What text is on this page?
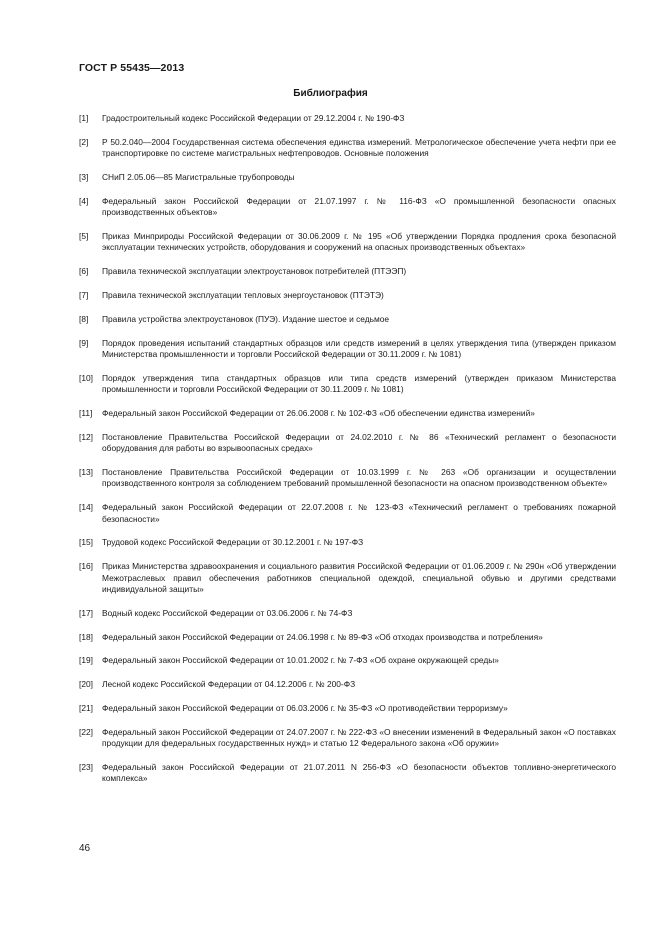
ГОСТ Р 55435—2013
Библиография
[1] Градостроительный кодекс Российской Федерации от 29.12.2004 г. № 190-ФЗ
[2] Р 50.2.040—2004 Государственная система обеспечения единства измерений. Метрологическое обеспечение учета нефти при ее транспортировке по системе магистральных нефтепроводов. Основные положения
[3] СНиП 2.05.06—85 Магистральные трубопроводы
[4] Федеральный закон Российской Федерации от 21.07.1997 г. № 116-ФЗ «О промышленной безопасности опасных производственных объектов»
[5] Приказ Минприроды Российской Федерации от 30.06.2009 г. № 195 «Об утверждении Порядка продления срока безопасной эксплуатации технических устройств, оборудования и сооружений на опасных производственных объектах»
[6] Правила технической эксплуатации электроустановок потребителей (ПТЭЭП)
[7] Правила технической эксплуатации тепловых энергоустановок (ПТЭТЭ)
[8] Правила устройства электроустановок (ПУЭ). Издание шестое и седьмое
[9] Порядок проведения испытаний стандартных образцов или средств измерений в целях утверждения типа (утвержден приказом Министерства промышленности и торговли Российской Федерации от 30.11.2009 г. № 1081)
[10] Порядок утверждения типа стандартных образцов или типа средств измерений (утвержден приказом Министерства промышленности и торговли Российской Федерации от 30.11.2009 г. № 1081)
[11] Федеральный закон Российской Федерации от 26.06.2008 г. № 102-ФЗ «Об обеспечении единства измерений»
[12] Постановление Правительства Российской Федерации от 24.02.2010 г. № 86 «Технический регламент о безопасности оборудования для работы во взрывоопасных средах»
[13] Постановление Правительства Российской Федерации от 10.03.1999 г. № 263 «Об организации и осуществлении производственного контроля за соблюдением требований промышленной безопасности на опасном производственном объекте»
[14] Федеральный закон Российской Федерации от 22.07.2008 г. № 123-ФЗ «Технический регламент о требованиях пожарной безопасности»
[15] Трудовой кодекс Российской Федерации от 30.12.2001 г. № 197-ФЗ
[16] Приказ Министерства здравоохранения и социального развития Российской Федерации от 01.06.2009 г. № 290н «Об утверждении Межотраслевых правил обеспечения работников специальной одеждой, специальной обувью и другими средствами индивидуальной защиты»
[17] Водный кодекс Российской Федерации от 03.06.2006 г. № 74-ФЗ
[18] Федеральный закон Российской Федерации от 24.06.1998 г. № 89-ФЗ «Об отходах производства и потребления»
[19] Федеральный закон Российской Федерации от 10.01.2002 г. № 7-ФЗ «Об охране окружающей среды»
[20] Лесной кодекс Российской Федерации от 04.12.2006 г. № 200-ФЗ
[21] Федеральный закон Российской Федерации от 06.03.2006 г. № 35-ФЗ «О противодействии терроризму»
[22] Федеральный закон Российской Федерации от 24.07.2007 г. № 222-ФЗ «О внесении изменений в Федеральный закон «О поставках продукции для федеральных государственных нужд» и статью 12 Федерального закона «Об оружии»
[23] Федеральный закон Российской Федерации от 21.07.2011 N 256-ФЗ «О безопасности объектов топливно-энергетического комплекса»
46
